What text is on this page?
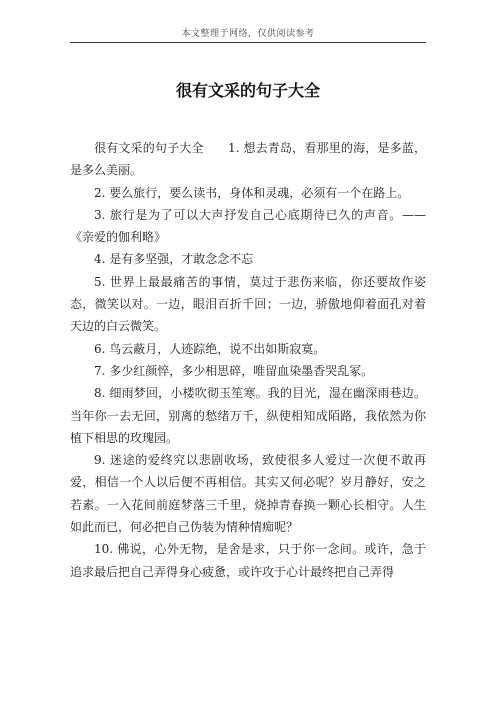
本文整理于网络，仅供阅读参考
很有文采的句子大全

很有文采的句子大全　　1. 想去青岛，看那里的海，是多蓝，是多么美丽。

2. 要么旅行，要么读书，身体和灵魂，必须有一个在路上。

3. 旅行是为了可以大声抒发自己心底期待已久的声音。——《亲爱的伽利略》

4. 是有多坚强，才敢念念不忘

5. 世界上最最痛苦的事情，莫过于悲伤来临，你还要故作姿态，微笑以对。一边，眼泪百折千回；一边，骄傲地仰着面孔对着天边的白云微笑。

6. 鸟云蔽月，人迹踪绝，说不出如斯寂寞。

7. 多少红颜悴，多少相思碎，唯留血染墨香哭乱冢。

8. 细雨梦回，小楼吹彻玉笙寒。我的目光，湿在幽深雨巷边。当年你一去无回，别离的愁绪万千，纵使相知成陌路，我依然为你植下相思的玫瑰园。

9. 迷途的爱终究以悲剧收场，致使很多人爱过一次便不敢再爱，相信一个人以后便不再相信。其实又何必呢？岁月静好，安之若素。一入花间前庭梦落三千里，烧掉青春换一颗心长相守。人生如此而已，何必把自己伪装为情种情痴呢？

10. 佛说，心外无物，是舍是求，只于你一念间。或许，急于追求最后把自己弄得身心疲惫，或许攻于心计最终把自己弄得
